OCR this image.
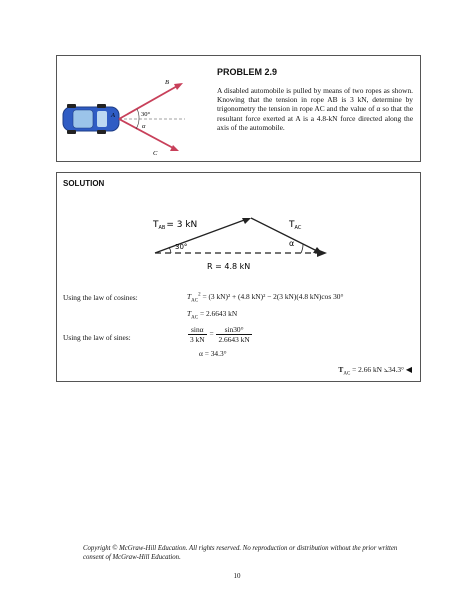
30°
α
B
A
C
PROBLEM 2.9
A disabled automobile is pulled by means of two ropes as shown. Knowing that the tension in rope AB is 3 kN, determine by trigonometry the tension in rope AC and the value of α so that the resultant force exerted at A is a 4.8-kN force directed along the axis of the automobile.
SOLUTION
$T_{AB}= 3$ kN	$T_{AC}$
30°	α
R = 4.8 kN
Using the law of cosines:	$T_{AC}^2 = (3$ kN)² + (4.8 kN)² − 2(3 kN)(4.8 kN)cos 30°
$T_{AC} = 2.6643$ kN
Using the law of sines:	$\frac{\sin\alpha}{3 kN} = \frac{\sin 30^\circ}{2.6643 kN}$
α = 34.3°
$T_{AC} = 2.66$ kN ⦣34.3° ◀
Copyright © McGraw-Hill Education. All rights reserved. No reproduction or distribution without the prior written consent of McGraw-Hill Education.
10
